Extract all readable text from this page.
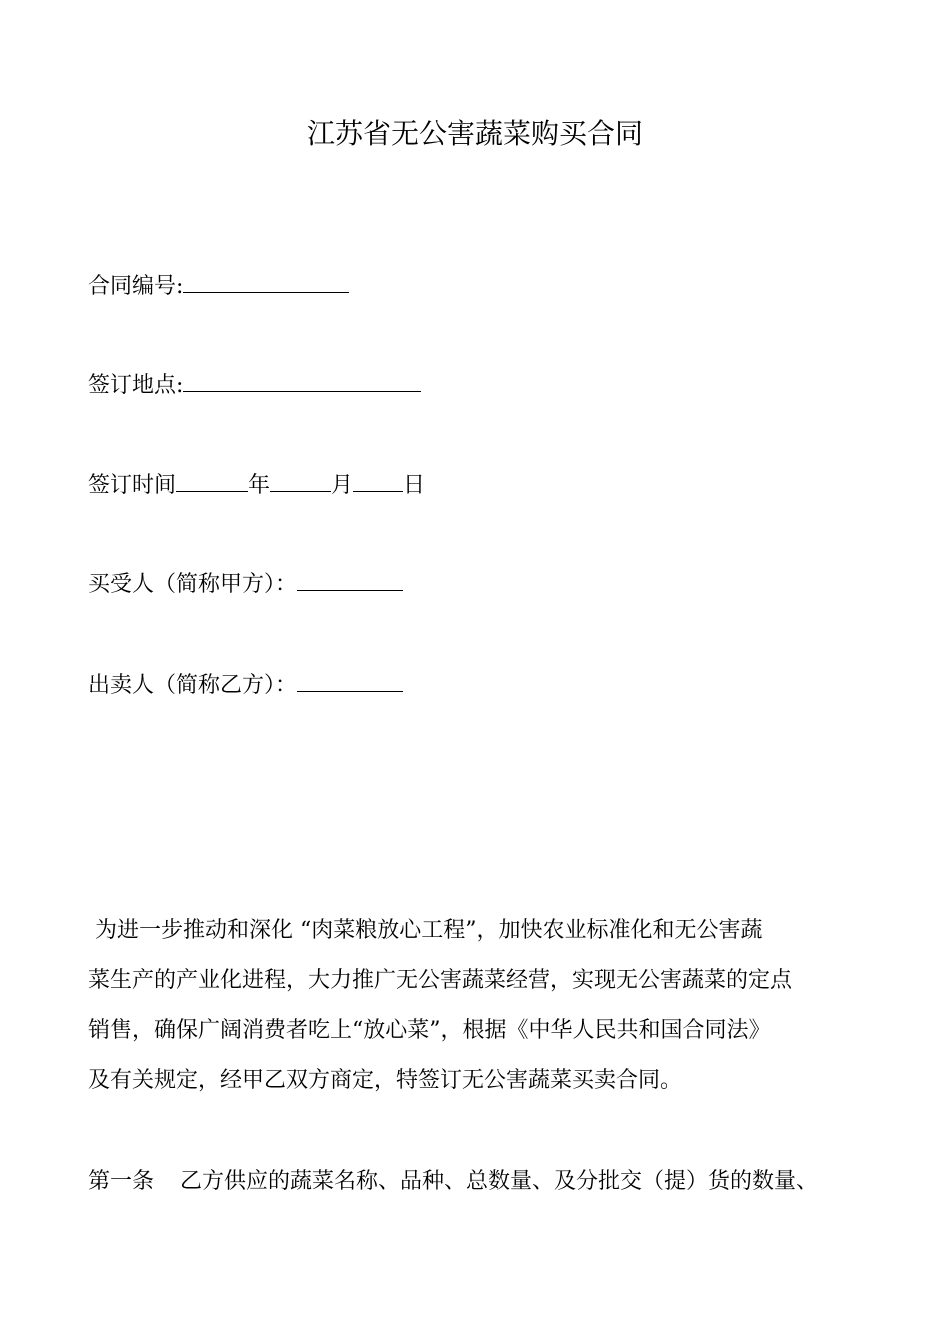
江苏省无公害蔬菜购买合同
合同编号:
签订地点:
签订时间	年	月 日
买受人（简称甲方）：
出卖人（简称乙方）：

为进一步推动和深化 “肉菜粮放心工程”，加快农业标准化和无公害蔬

菜生产的产业化进程，大力推广无公害蔬菜经营，实现无公害蔬菜的定点

销售，确保广阔消费者吃上“放心菜”，根据《中华人民共和国合同法》

及有关规定，经甲乙双方商定，特签订无公害蔬菜买卖合同。

第一条 乙方供应的蔬菜名称、品种、总数量、及分批交（提）货的数量、
